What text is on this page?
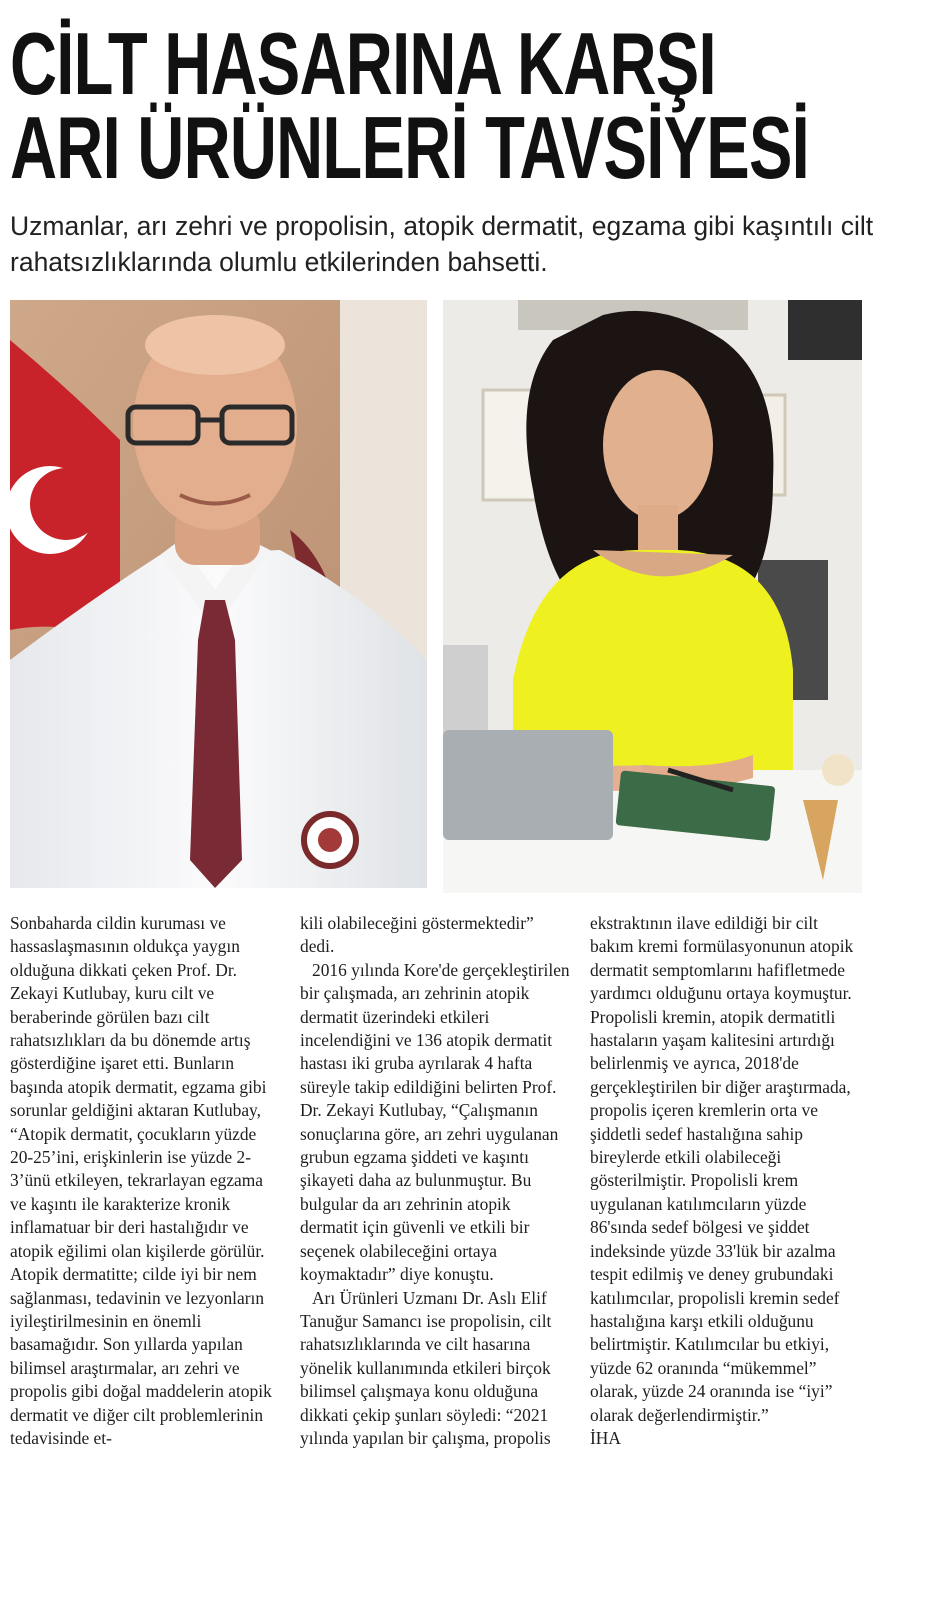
CİLT HASARINA KARŞI
ARI ÜRÜNLERİ TAVSİYESİ
Uzmanlar, arı zehri ve propolisin, atopik dermatit, egzama gibi kaşıntılı cilt rahatsızlıklarında olumlu etkilerinden bahsetti.

Sonbaharda cildin kuruması ve hassaslaşmasının oldukça yaygın olduğuna dikkati çeken Prof. Dr. Zekayi Kutlubay, kuru cilt ve beraberinde görülen bazı cilt rahatsızlıkları da bu dönemde artış gösterdiğine işaret etti. Bunların başında atopik dermatit, egzama gibi sorunlar geldiğini aktaran Kutlubay, “Atopik dermatit, çocukların yüzde 20-25’ini, erişkinlerin ise yüzde 2-3’ünü etkileyen, tekrarlayan egzama ve kaşıntı ile karakterize kronik inflamatuar bir deri hastalığıdır ve atopik eğilimi olan kişilerde görülür. Atopik dermatitte; cilde iyi bir nem sağlanması, tedavinin ve lezyonların iyileştirilmesinin en önemli basamağıdır. Son yıllarda yapılan bilimsel araştırmalar, arı zehri ve propolis gibi doğal maddelerin atopik dermatit ve diğer cilt problemlerinin tedavisinde et-

kili olabileceğini göstermektedir” dedi.

2016 yılında Kore'de gerçekleştirilen bir çalışmada, arı zehrinin atopik dermatit üzerindeki etkileri incelendiğini ve 136 atopik dermatit hastası iki gruba ayrılarak 4 hafta süreyle takip edildiğini belirten Prof. Dr. Zekayi Kutlubay, “Çalışmanın sonuçlarına göre, arı zehri uygulanan grubun egzama şiddeti ve kaşıntı şikayeti daha az bulunmuştur. Bu bulgular da arı zehrinin atopik dermatit için güvenli ve etkili bir seçenek olabileceğini ortaya koymaktadır” diye konuştu.

Arı Ürünleri Uzmanı Dr. Aslı Elif Tanuğur Samancı ise propolisin, cilt rahatsızlıklarında ve cilt hasarına yönelik kullanımında etkileri birçok bilimsel çalışmaya konu olduğuna dikkati çekip şunları söyledi: “2021 yılında yapılan bir çalışma, propolis

ekstraktının ilave edildiği bir cilt bakım kremi formülasyonunun atopik dermatit semptomlarını hafifletmede yardımcı olduğunu ortaya koymuştur. Propolisli kremin, atopik dermatitli hastaların yaşam kalitesini artırdığı belirlenmiş ve ayrıca, 2018'de gerçekleştirilen bir diğer araştırmada, propolis içeren kremlerin orta ve şiddetli sedef hastalığına sahip bireylerde etkili olabileceği gösterilmiştir. Propolisli krem uygulanan katılımcıların yüzde 86'sında sedef bölgesi ve şiddet indeksinde yüzde 33'lük bir azalma tespit edilmiş ve deney grubundaki katılımcılar, propolisli kremin sedef hastalığına karşı etkili olduğunu belirtmiştir. Katılımcılar bu etkiyi, yüzde 62 oranında “mükemmel” olarak, yüzde 24 oranında ise “iyi” olarak değerlendirmiştir.”

İHA
